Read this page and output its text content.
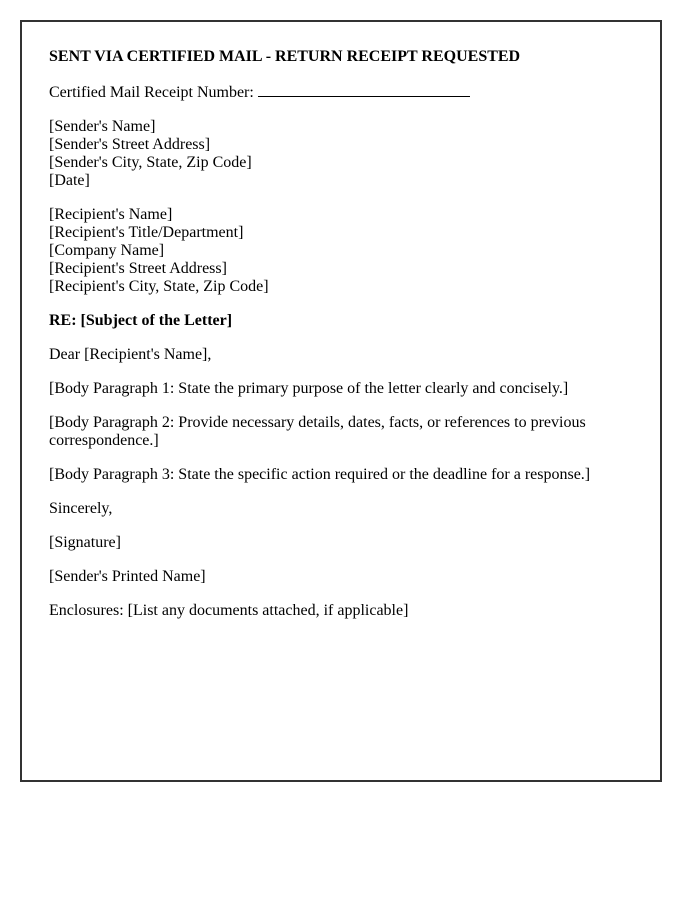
SENT VIA CERTIFIED MAIL - RETURN RECEIPT REQUESTED
Certified Mail Receipt Number:
[Sender's Name]
[Sender's Street Address]
[Sender's City, State, Zip Code]
[Date]
[Recipient's Name]
[Recipient's Title/Department]
[Company Name]
[Recipient's Street Address]
[Recipient's City, State, Zip Code]
RE: [Subject of the Letter]
Dear [Recipient's Name],
[Body Paragraph 1: State the primary purpose of the letter clearly and concisely.]
[Body Paragraph 2: Provide necessary details, dates, facts, or references to previous correspondence.]
[Body Paragraph 3: State the specific action required or the deadline for a response.]
Sincerely,
[Signature]
[Sender's Printed Name]
Enclosures: [List any documents attached, if applicable]
